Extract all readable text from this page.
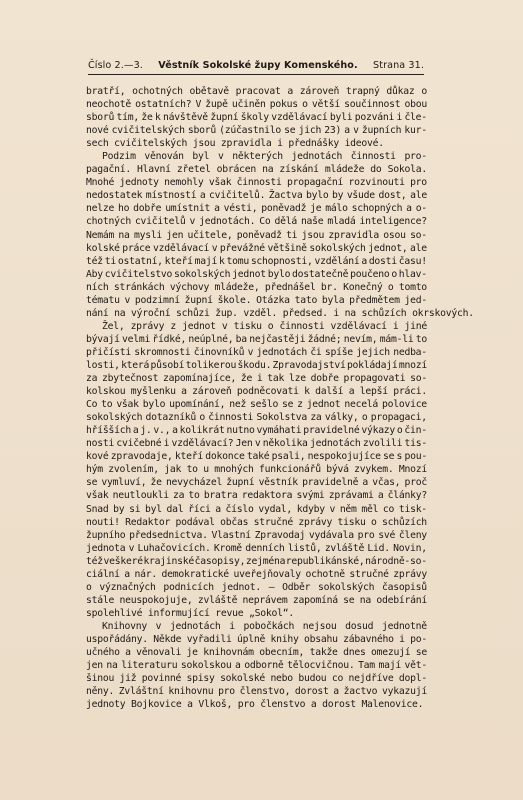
Číslo 2.—3. Věstník Sokolské župy Komenského. Strana 31.
bratří, ochotných obětavě pracovat a zároveň trapný důkaz o
neochotě ostatních? V župě učiněn pokus o větší součinnost obou
sborů tím, že k návštěvě župní školy vzdělávací byli pozváni i čle-
nové cvičitelských sborů (zúčastnilo se jich 23) a v župních kur-
sech cvičitelských jsou zpravidla i přednášky ideové.
Podzim věnován byl v některých jednotách činnosti pro-
pagační. Hlavní zřetel obrácen na získání mládeže do Sokola.
Mnohé jednoty nemohly však činnosti propagační rozvinouti pro
nedostatek místností a cvičitelů. Žactva bylo by všude dost, ale
nelze ho dobře umístnit a vésti, poněvadž je málo schopných a o-
chotných cvičitelů v jednotách. Co dělá naše mladá inteligence?
Nemám na mysli jen učitele, poněvadž ti jsou zpravidla osou so-
kolské práce vzdělávací v převážné většině sokolských jednot, ale
též ti ostatní, kteří mají k tomu schopnosti, vzdělání a dosti času!
Aby cvičitelstvo sokolských jednot bylo dostatečně poučeno o hlav-
ních stránkách výchovy mládeže, přednášel br. Konečný o tomto
tématu v podzimní župní škole. Otázka tato byla předmětem jed-
nání na výroční schůzi žup. vzděl. předsed. i na schůzích okrskových.
Žel, zprávy z jednot v tisku o činnosti vzdělávací i jiné
bývají velmi řídké, neúplné, ba nejčastěji žádné; nevím, mám-li to
přičísti skromnosti činovníků v jednotách či spíše jejich nedba-
losti, která působí tolikerou škodu. Zpravodajství pokládají mnozí
za zbytečnost zapomínajíce, že i tak lze dobře propagovati so-
kolskou myšlenku a zároveň podněcovati k další a lepší práci.
Co to však bylo upomínání, než sešlo se z jednot necelá polovice
sokolských dotazníků o činnosti Sokolstva za války, o propagaci,
hříšších a j. v., a kolikrát nutno vymáhati pravidelné výkazy o čin-
nosti cvičebné i vzdělávací? Jen v několika jednotách zvolili tis-
kové zpravodaje, kteří dokonce také psali, nespokojujíce se s pou-
hým zvolením, jak to u mnohých funkcionářů bývá zvykem. Mnozí
se vymluví, že nevycházel župní věstník pravidelně a včas, proč
však neutloukli za to bratra redaktora svými zprávami a články?
Snad by si byl dal říci a číslo vydal, kdyby v něm měl co tisk-
nouti! Redaktor podával občas stručné zprávy tisku o schůzích
župního předsednictva. Vlastní Zpravodaj vydávala pro své členy
jednota v Luhačovicích. Kromě denních listů, zvláště Lid. Novin,
též veškeré krajinské časopisy, zejména republikánské, národně-so-
ciální a nár. demokratické uveřejňovaly ochotně stručné zprávy
o význačných podnicích jednot. — Odběr sokolských časopisů
stále neuspokojuje, zvláště neprávem zapomíná se na odebírání
spolehlivé informující revue „Sokol“.
Knihovny v jednotách i pobočkách nejsou dosud jednotně
uspořádány. Někde vyřadili úplně knihy obsahu zábavného i po-
učného a věnovali je knihovnám obecním, takže dnes omezují se
jen na literaturu sokolskou a odborně tělocvičnou. Tam mají vět-
šinou již povinné spisy sokolské nebo budou co nejdříve dopl-
něny. Zvláštní knihovnu pro členstvo, dorost a žactvo vykazují
jednoty Bojkovice a Vlkoš, pro členstvo a dorost Malenovice.
